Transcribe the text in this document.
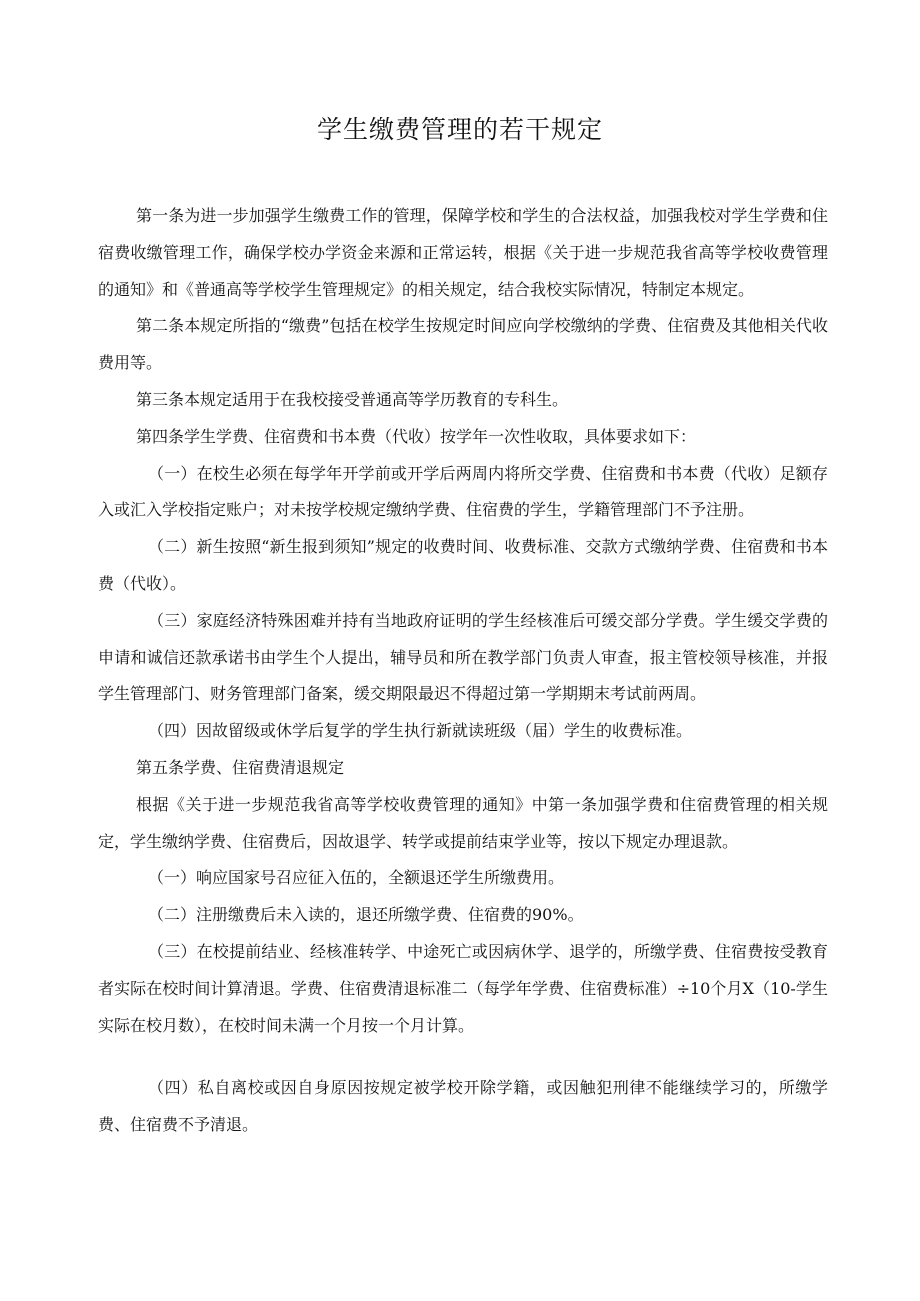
学生缴费管理的若干规定

第一条为进一步加强学生缴费工作的管理，保障学校和学生的合法权益，加强我校对学生学费和住宿费收缴管理工作，确保学校办学资金来源和正常运转，根据《关于进一步规范我省高等学校收费管理的通知》和《普通高等学校学生管理规定》的相关规定，结合我校实际情况，特制定本规定。

第二条本规定所指的“缴费”包括在校学生按规定时间应向学校缴纳的学费、住宿费及其他相关代收费用等。

第三条本规定适用于在我校接受普通高等学历教育的专科生。

第四条学生学费、住宿费和书本费（代收）按学年一次性收取，具体要求如下：

（一）在校生必须在每学年开学前或开学后两周内将所交学费、住宿费和书本费（代收）足额存入或汇入学校指定账户；对未按学校规定缴纳学费、住宿费的学生，学籍管理部门不予注册。

（二）新生按照“新生报到须知”规定的收费时间、收费标准、交款方式缴纳学费、住宿费和书本费（代收）。

（三）家庭经济特殊困难并持有当地政府证明的学生经核准后可缓交部分学费。学生缓交学费的申请和诚信还款承诺书由学生个人提出，辅导员和所在教学部门负责人审查，报主管校领导核准，并报学生管理部门、财务管理部门备案，缓交期限最迟不得超过第一学期期末考试前两周。

（四）因故留级或休学后复学的学生执行新就读班级（届）学生的收费标准。

第五条学费、住宿费清退规定

根据《关于进一步规范我省高等学校收费管理的通知》中第一条加强学费和住宿费管理的相关规定，学生缴纳学费、住宿费后，因故退学、转学或提前结束学业等，按以下规定办理退款。

（一）响应国家号召应征入伍的，全额退还学生所缴费用。

（二）注册缴费后未入读的，退还所缴学费、住宿费的90%。

（三）在校提前结业、经核准转学、中途死亡或因病休学、退学的，所缴学费、住宿费按受教育者实际在校时间计算清退。学费、住宿费清退标准二（每学年学费、住宿费标准）÷10个月X（10-学生实际在校月数），在校时间未满一个月按一个月计算。

（四）私自离校或因自身原因按规定被学校开除学籍，或因触犯刑律不能继续学习的，所缴学费、住宿费不予清退。
